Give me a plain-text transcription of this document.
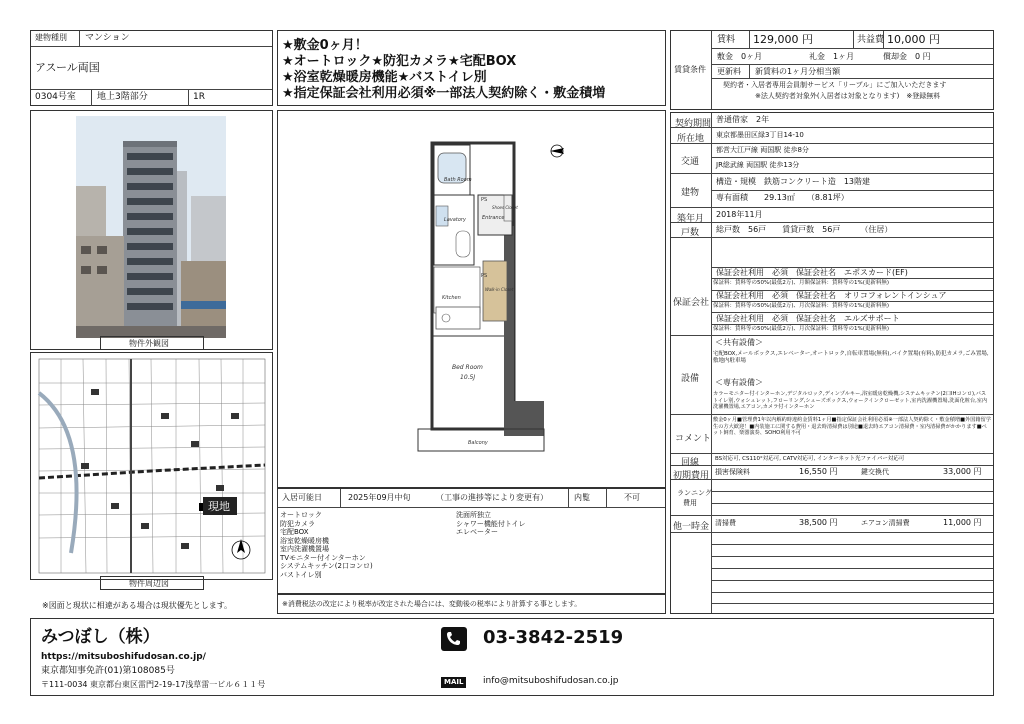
建物種別 マンション
アスール両国
0304号室 地上3階部分	1R
物件外観図
現地
物件周辺図
※図面と現状に相違がある場合は現状優先とします。
★敷金0ヶ月！
★オートロック★防犯カメラ★宅配BOX
★浴室乾燥暖房機能★バストイレ別
★指定保証会社利用必須※一部法人契約除く・敷金積増
Bath Room
Lavatory	Entrance
Shoes Closet
Kitchen
Walk-in Closet
Bed Room
10.5J
Balcony
PS
PS
入居可能日	2025年09月中旬	（工事の進捗等により変更有）	内覧	不可
オートロック
防犯カメラ
宅配BOX
浴室乾燥暖房機
室内洗濯機置場
TVモニター付インターホン
システムキッチン(2口コンロ)
バストイレ別
洗面所独立
シャワー機能付トイレ
エレベーター
※消費税法の改定により税率が改定された場合には、変動後の税率により計算する事とします。
賃貸条件
賃料 129,000 円	共益費 10,000 円
敷金　0ヶ月	礼金　1ヶ月	償却金　0 円
更新料 新賃料の1ヶ月分相当額
契約者・入居者専用会員制サービス「リーブル」にご加入いただきます
※法人契約者対象外(入居者は対象となります)　※登録無料
契約期間 普通借家　2年
所在地 東京都墨田区緑3丁目14-10
交通
都営大江戸線 両国駅 徒歩8分
JR総武線 両国駅 徒歩13分
建物
構造・規模　鉄筋コンクリート造　13階建
専有面積　　29.13㎡　　（8.81坪）
築年月 2018年11月
戸数 総戸数　56戸　　賃貸戸数　56戸　　　（住居）
保証会社
保証会社利用　必須　保証会社名　エポスカード(EF)
保証料：賃料等の50%(最低2万)、月額保証料：賃料等の1%(更新料無)
保証会社利用　必須　保証会社名　オリコフォレントインシュア
保証料：賃料等の50%(最低2万)、月次保証料：賃料等の1%(更新料無)
保証会社利用　必須　保証会社名　エルズサポート
保証料：賃料等の50%(最低2万)、月次保証料：賃料等の1%(更新料無)
設備
＜共有設備＞
宅配BOX,メールボックス,エレベーター,オートロック,自転車置場(無料),バイク置場(有料),防犯カメラ,ごみ置場,敷地内駐車場
＜専有設備＞
カラーモニター付インターホン,デジタルロック,ディンプルキー,浴室暖房乾燥機,システムキッチン(2口IHコンロ),バストイレ別,ウォシュレット,フローリング,シューズボックス,ウォークインクローゼット,室内洗濯機置場,洗面化粧台,室内洗濯機置場,エアコン,カメラ付インターホン
コメント
敷金0ヶ月■管理費1年以内解約時違約金賃料1ヶ月■指定保証会社利用必須※一部法人契約除く・敷金積増■外国籍留学生の方大歓迎！■内装施工に関する費用・退去時清掃費は別途■退去時エアコン清掃費・室内清掃費がかかります■ペット飼育、楽器演奏、SOHO利用不可
回線	BS対応可, CS110°対応可, CATV対応可, インターネット光ファイバー対応可
初期費用 損害保険料	16,550 円	鍵交換代	33,000 円
ランニング
費用
他一時金 清掃費	38,500 円	エアコン清掃費	11,000 円
みつぼし（株）
https://mitsuboshifudosan.co.jp/
東京都知事免許(01)第108085号
〒111-0034 東京都台東区雷門2-19-17浅草雷一ビル６１１号
03-3842-2519
MAIL	info@mitsuboshifudosan.co.jp
